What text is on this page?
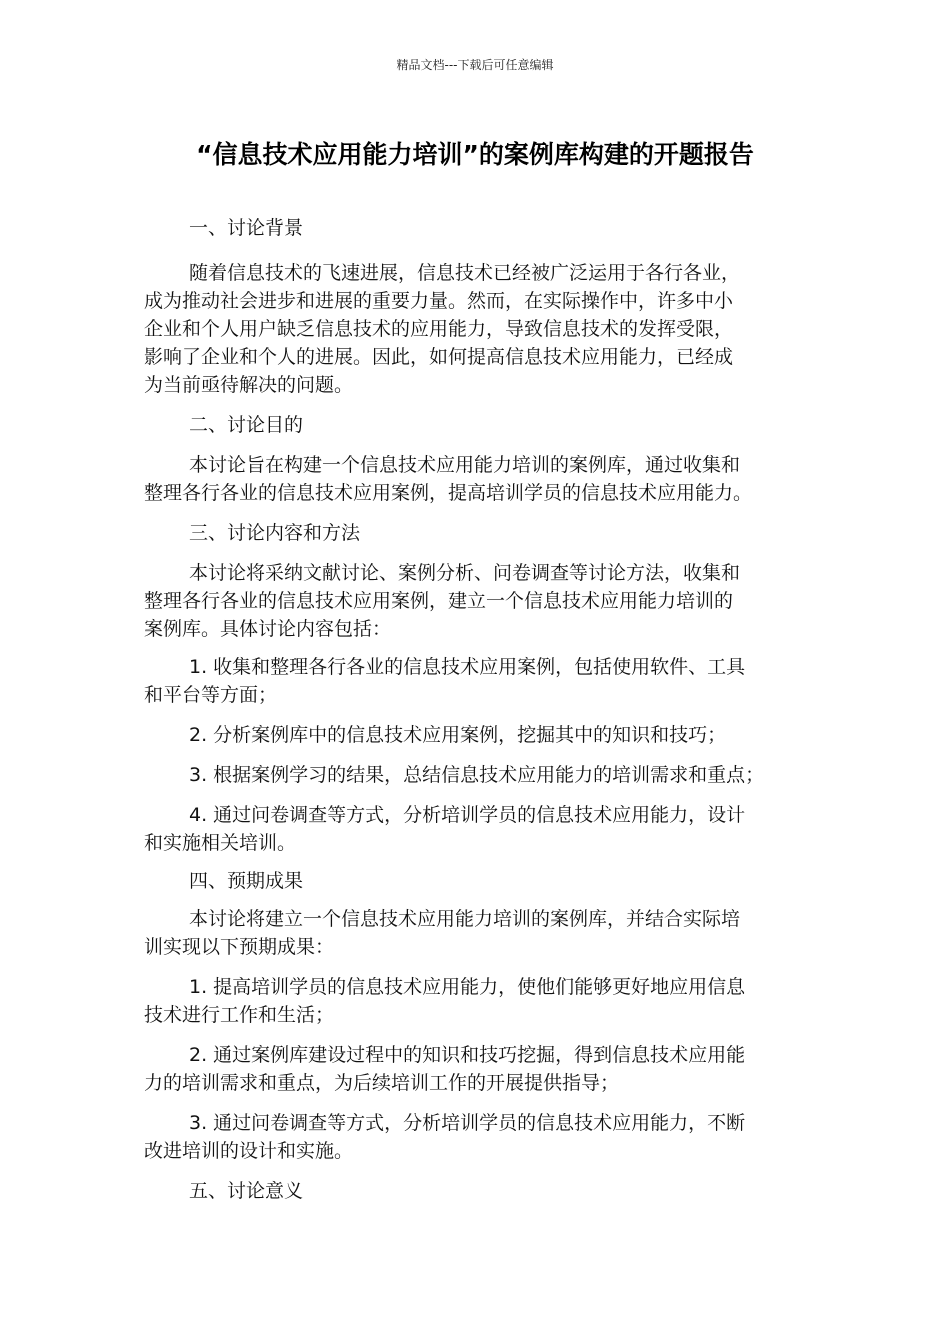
精品文档---下载后可任意编辑
“信息技术应用能力培训”的案例库构建的开题报告

一、讨论背景

随着信息技术的飞速进展，信息技术已经被广泛运用于各行各业，
成为推动社会进步和进展的重要力量。然而，在实际操作中，许多中小
企业和个人用户缺乏信息技术的应用能力，导致信息技术的发挥受限，
影响了企业和个人的进展。因此，如何提高信息技术应用能力，已经成
为当前亟待解决的问题。

二、讨论目的

本讨论旨在构建一个信息技术应用能力培训的案例库，通过收集和
整理各行各业的信息技术应用案例，提高培训学员的信息技术应用能力。

三、讨论内容和方法

本讨论将采纳文献讨论、案例分析、问卷调查等讨论方法，收集和
整理各行各业的信息技术应用案例，建立一个信息技术应用能力培训的
案例库。具体讨论内容包括：

1. 收集和整理各行各业的信息技术应用案例，包括使用软件、工具
和平台等方面；

2. 分析案例库中的信息技术应用案例，挖掘其中的知识和技巧；

3. 根据案例学习的结果，总结信息技术应用能力的培训需求和重点；

4. 通过问卷调查等方式，分析培训学员的信息技术应用能力，设计
和实施相关培训。

四、预期成果

本讨论将建立一个信息技术应用能力培训的案例库，并结合实际培
训实现以下预期成果：

1. 提高培训学员的信息技术应用能力，使他们能够更好地应用信息
技术进行工作和生活；

2. 通过案例库建设过程中的知识和技巧挖掘，得到信息技术应用能
力的培训需求和重点，为后续培训工作的开展提供指导；

3. 通过问卷调查等方式，分析培训学员的信息技术应用能力，不断
改进培训的设计和实施。

五、讨论意义
